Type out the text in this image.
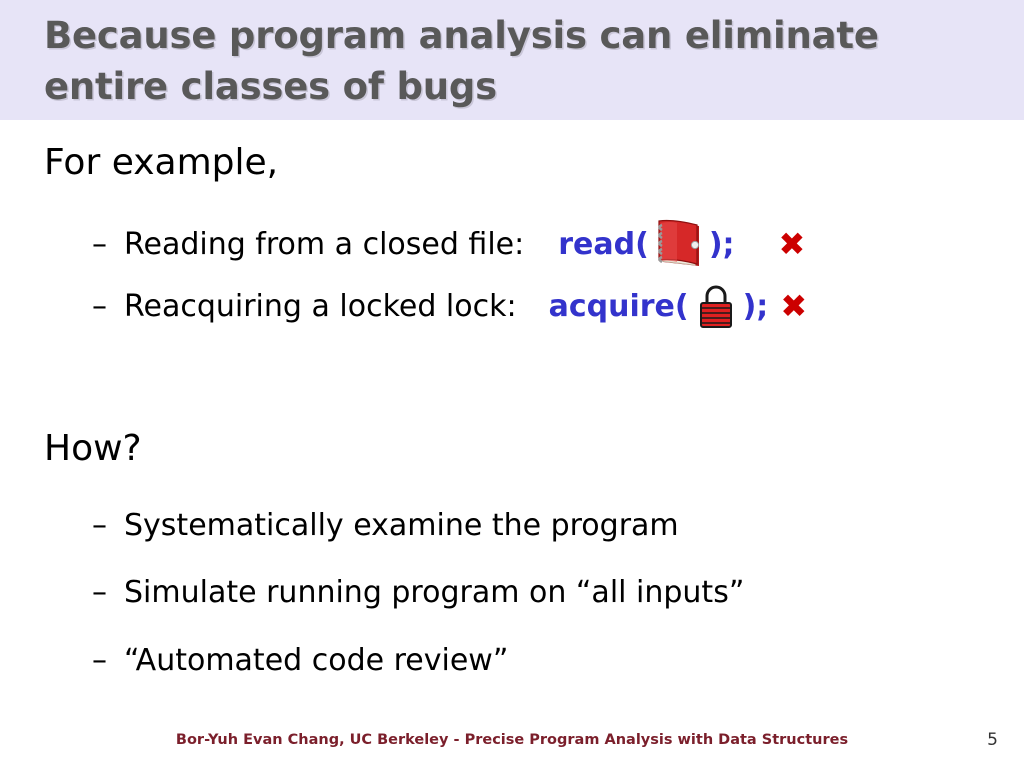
Because program analysis can eliminate entire classes of bugs
For example,
– Reading from a closed file: read( ); ✖
– Reacquiring a locked lock: acquire( ); ✖
How?
– Systematically examine the program
– Simulate running program on “all inputs”
– “Automated code review”
Bor-Yuh Evan Chang, UC Berkeley - Precise Program Analysis with Data Structures	5
